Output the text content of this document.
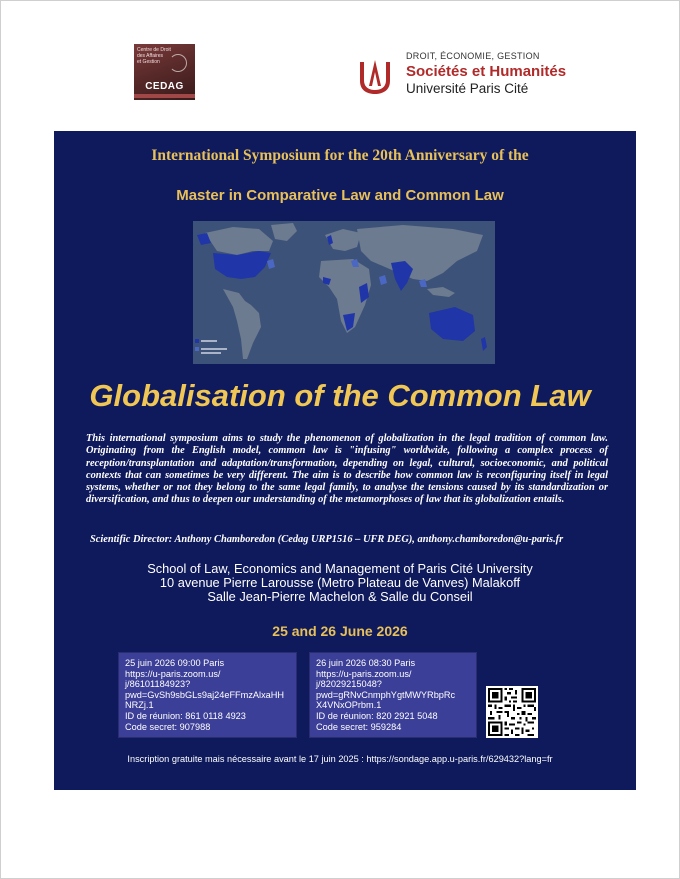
Centre de Droit
des Affaires
et Gestion
CEDAG
DROIT, ÉCONOMIE, GESTION
Sociétés et Humanités
Université Paris Cité
International Symposium for the 20th Anniversary of the
Master in Comparative Law and Common Law
Globalisation of the Common Law

This international symposium aims to study the phenomenon of globalization in the legal tradition of common law. Originating from the English model, common law is "infusing" worldwide, following a complex process of reception/transplantation and adaptation/transformation, depending on legal, cultural, socioeconomic, and political contexts that can sometimes be very different. The aim is to describe how common law is reconfiguring itself in legal systems, whether or not they belong to the same legal family, to analyse the tensions caused by its standardization or diversification, and thus to deepen our understanding of the metamorphoses of law that its globalization entails.

Scientific Director: Anthony Chamboredon (Cedag URP1516 – UFR DEG), anthony.chamboredon@u-paris.fr
School of Law, Economics and Management of Paris Cité University
10 avenue Pierre Larousse (Metro Plateau de Vanves) Malakoff
Salle Jean-Pierre Machelon & Salle du Conseil
25 and 26 June 2026
25 juin 2026 09:00 Paris
https://u-paris.zoom.us/
j/86101184923?
pwd=GvSh9sbGLs9aj24eFFmzAlxaHH
NRZj.1
ID de réunion: 861 0118 4923
Code secret: 907988
26 juin 2026 08:30 Paris
https://u-paris.zoom.us/
j/82029215048?
pwd=gRNvCnmphYgtMWYRbpRc
X4VNxOPrbm.1
ID de réunion: 820 2921 5048
Code secret: 959284
Inscription gratuite mais nécessaire avant le 17 juin 2025 : https://sondage.app.u-paris.fr/629432?lang=fr
